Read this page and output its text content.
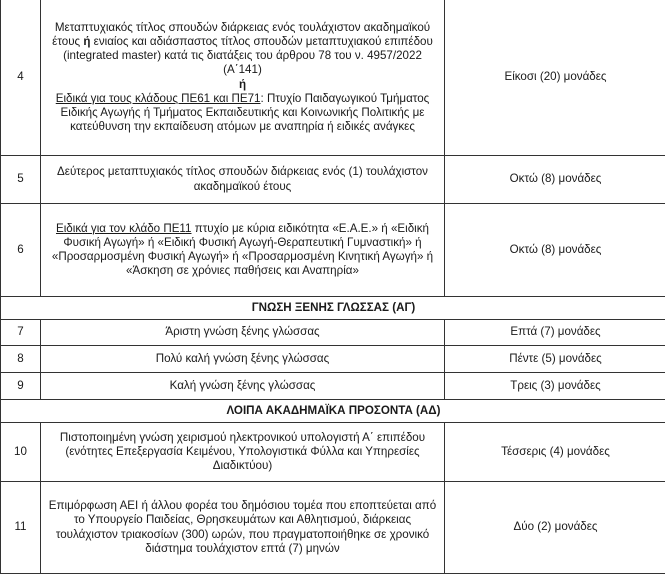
4	Μεταπτυχιακός τίτλος σπουδών διάρκειας ενός τουλάχιστον ακαδημαϊκού έτους ή ενιαίος και αδιάσπαστος τίτλος σπουδών μεταπτυχιακού επιπέδου (integrated master) κατά τις διατάξεις του άρθρου 78 του ν. 4957/2022 (Α΄141)
ή
Ειδικά για τους κλάδους ΠΕ61 και ΠΕ71: Πτυχίο Παιδαγωγικού Τμήματος Ειδικής Αγωγής ή Τμήματος Εκπαιδευτικής και Κοινωνικής Πολιτικής με κατεύθυνση την εκπαίδευση ατόμων με αναπηρία ή ειδικές ανάγκες	Είκοσι (20) μονάδες
5	Δεύτερος μεταπτυχιακός τίτλος σπουδών διάρκειας ενός (1) τουλάχιστον ακαδημαϊκού έτους	Οκτώ (8) μονάδες
6	Ειδικά για τον κλάδο ΠΕ11 πτυχίο με κύρια ειδικότητα «Ε.Α.Ε.» ή «Ειδική Φυσική Αγωγή» ή «Ειδική Φυσική Αγωγή-Θεραπευτική Γυμναστική» ή «Προσαρμοσμένη Φυσική Αγωγή» ή «Προσαρμοσμένη Κινητική Αγωγή» ή «Άσκηση σε χρόνιες παθήσεις και Αναπηρία»	Οκτώ (8) μονάδες
ΓΝΩΣΗ ΞΕΝΗΣ ΓΛΩΣΣΑΣ (ΑΓ)		
7	Άριστη γνώση ξένης γλώσσας	Επτά (7) μονάδες
8	Πολύ καλή γνώση ξένης γλώσσας	Πέντε (5) μονάδες
9	Καλή γνώση ξένης γλώσσας	Τρεις (3) μονάδες
ΛΟΙΠΑ ΑΚΑΔΗΜΑΪΚΑ ΠΡΟΣΟΝΤΑ (ΑΔ)		
10	Πιστοποιημένη γνώση χειρισμού ηλεκτρονικού υπολογιστή Α΄ επιπέδου (ενότητες Επεξεργασία Κειμένου, Υπολογιστικά Φύλλα και Υπηρεσίες Διαδικτύου)	Τέσσερις (4) μονάδες
11	Επιμόρφωση ΑΕΙ ή άλλου φορέα του δημόσιου τομέα που εποπτεύεται από το Υπουργείο Παιδείας, Θρησκευμάτων και Αθλητισμού, διάρκειας τουλάχιστον τριακοσίων (300) ωρών, που πραγματοποιήθηκε σε χρονικό διάστημα τουλάχιστον επτά (7) μηνών	Δύο (2) μονάδες
